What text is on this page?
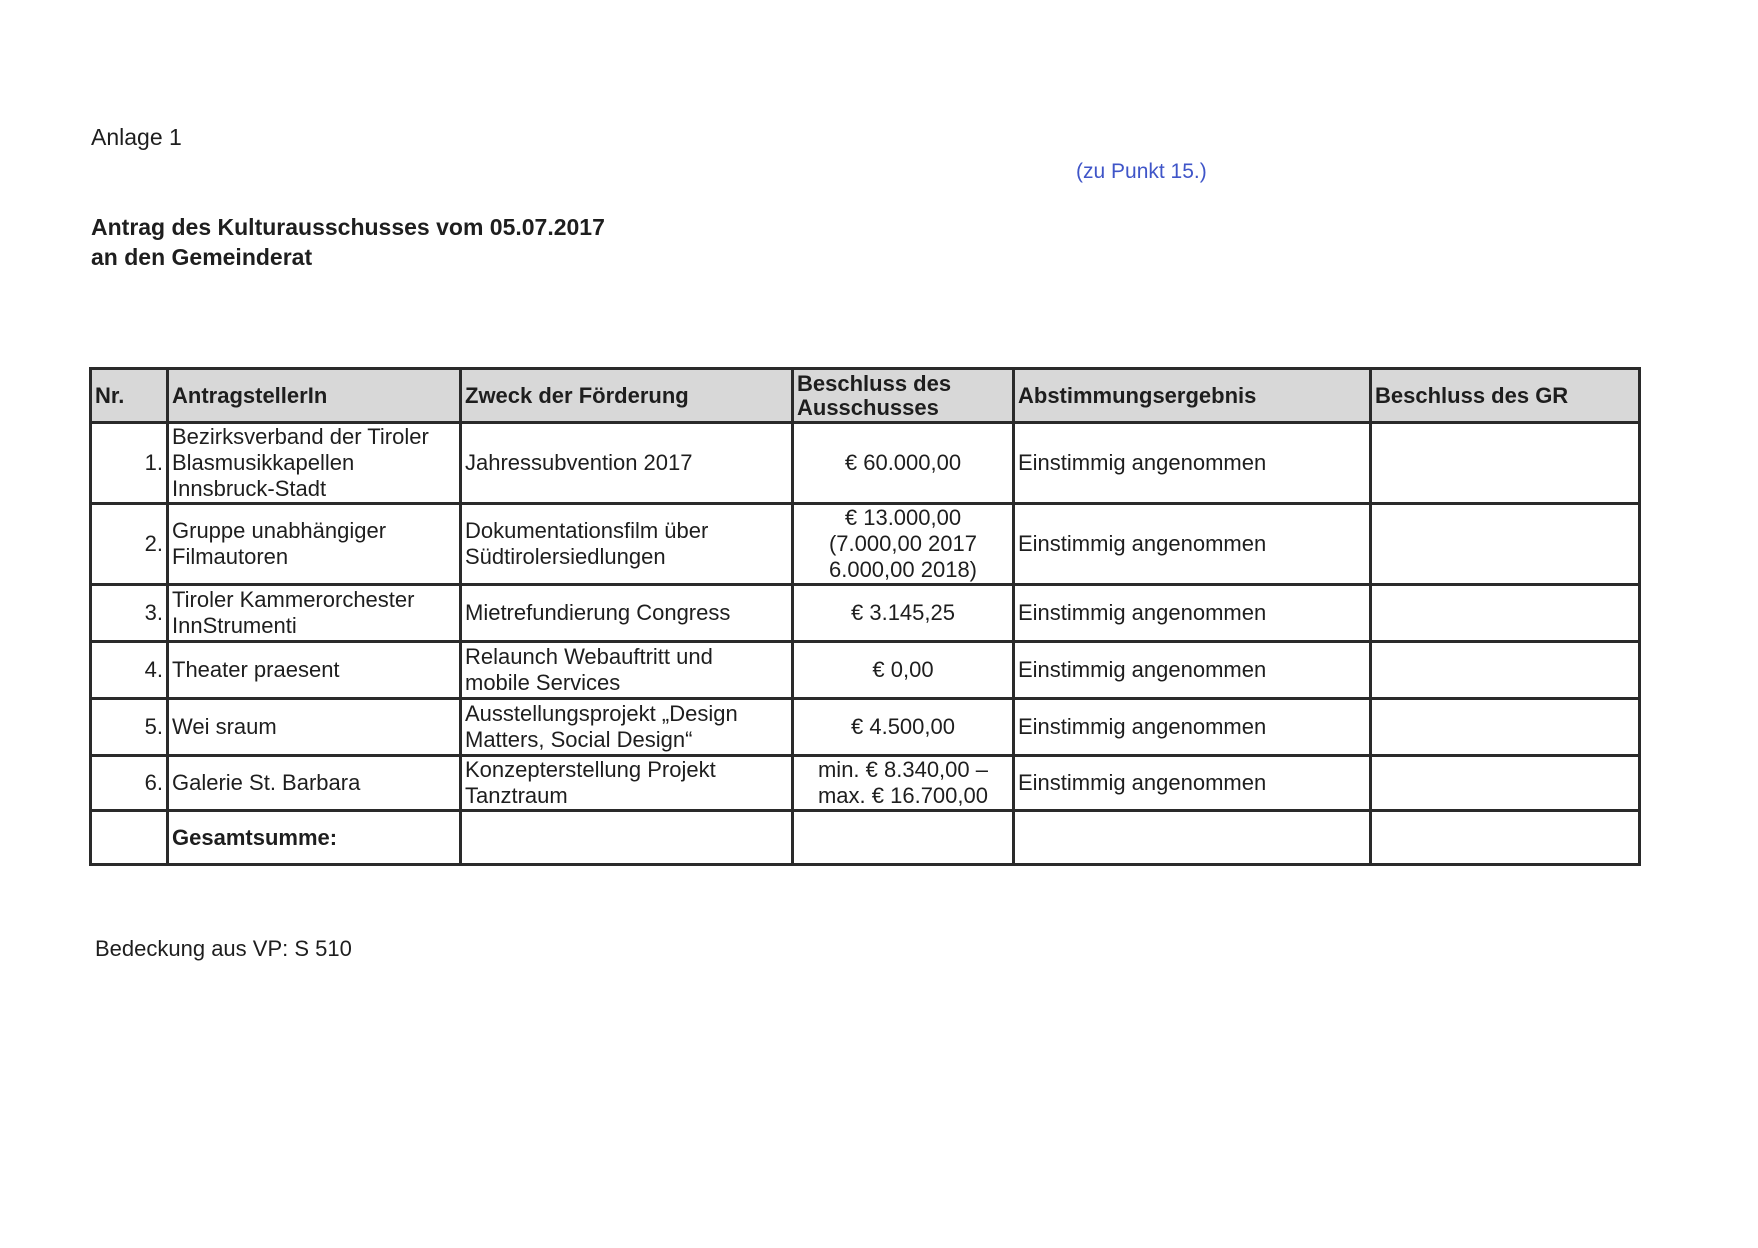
Anlage 1
(zu Punkt 15.)
Antrag des Kulturausschusses vom 05.07.2017
an den Gemeinderat
Nr.	AntragstellerIn	Zweck der Förderung	Beschluss des
Ausschusses	Abstimmungsergebnis	Beschluss des GR
1.	Bezirksverband der Tiroler
Blasmusikkapellen
Innsbruck-Stadt	Jahressubvention 2017	€ 60.000,00	Einstimmig angenommen	
2.	Gruppe unabhängiger
Filmautoren	Dokumentationsfilm über
Südtirolersiedlungen	€ 13.000,00
(7.000,00 2017
6.000,00 2018)	Einstimmig angenommen	
3.	Tiroler Kammerorchester
InnStrumenti	Mietrefundierung Congress	€ 3.145,25	Einstimmig angenommen	
4.	Theater praesent	Relaunch Webauftritt und
mobile Services	€ 0,00	Einstimmig angenommen	
5.	Wei sraum	Ausstellungsprojekt „Design
Matters, Social Design“	€ 4.500,00	Einstimmig angenommen	
6.	Galerie St. Barbara	Konzepterstellung Projekt
Tanztraum	min. € 8.340,00 –
max. € 16.700,00	Einstimmig angenommen	
	Gesamtsumme:				
Bedeckung aus VP: S 510
